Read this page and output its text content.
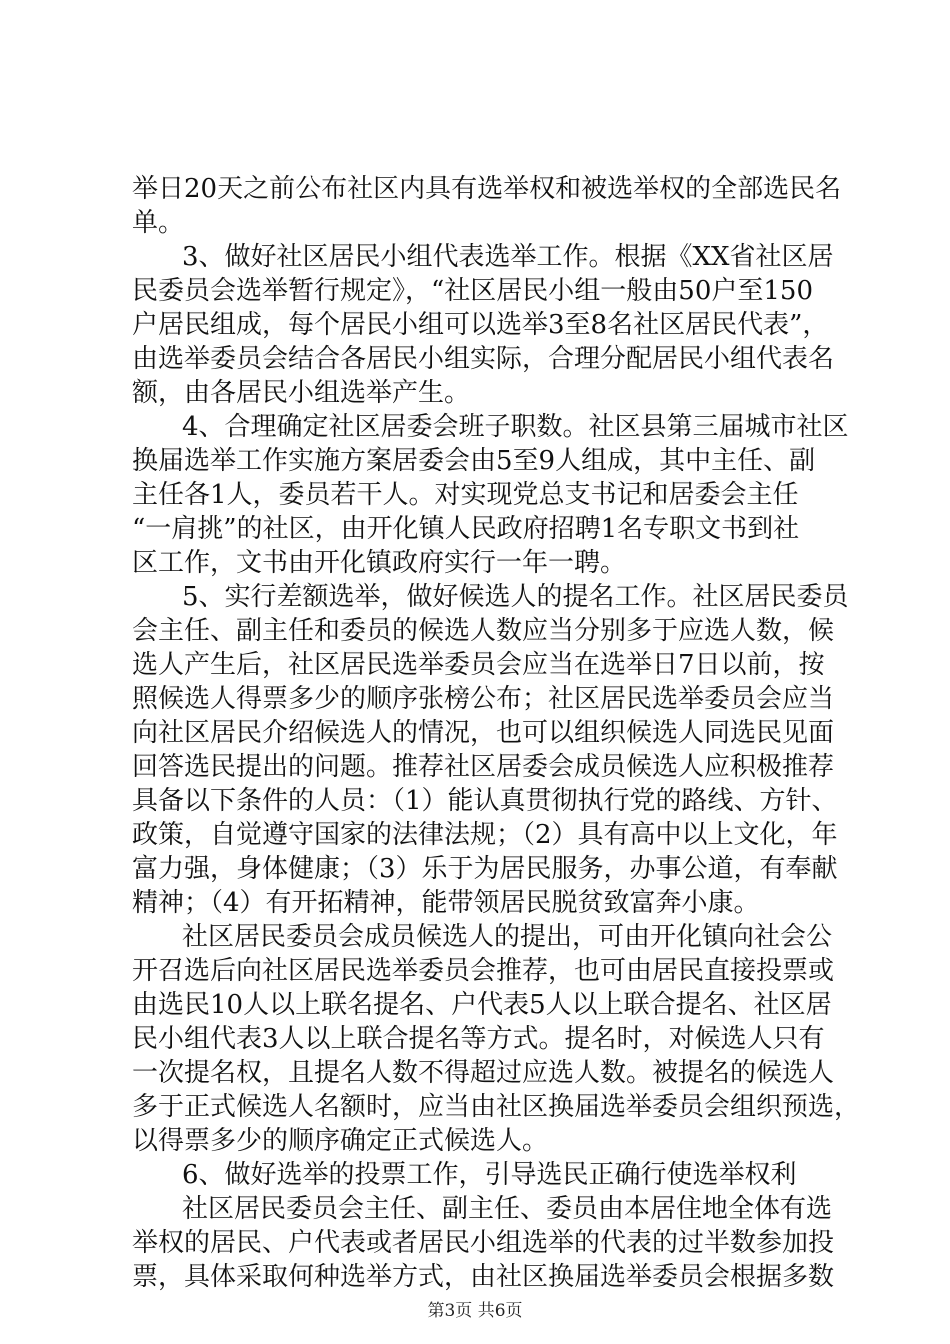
举日20天之前公布社区内具有选举权和被选举权的全部选民名
单。
3、做好社区居民小组代表选举工作。根据《XX省社区居
民委员会选举暂行规定》，“社区居民小组一般由50户至150
户居民组成，每个居民小组可以选举3至8名社区居民代表”，
由选举委员会结合各居民小组实际，合理分配居民小组代表名
额，由各居民小组选举产生。
4、合理确定社区居委会班子职数。社区县第三届城市社区
换届选举工作实施方案居委会由5至9人组成，其中主任、副
主任各1人，委员若干人。对实现党总支书记和居委会主任
“一肩挑”的社区，由开化镇人民政府招聘1名专职文书到社
区工作，文书由开化镇政府实行一年一聘。
5、实行差额选举，做好候选人的提名工作。社区居民委员
会主任、副主任和委员的候选人数应当分别多于应选人数，候
选人产生后，社区居民选举委员会应当在选举日7日以前，按
照候选人得票多少的顺序张榜公布；社区居民选举委员会应当
向社区居民介绍候选人的情况，也可以组织候选人同选民见面
回答选民提出的问题。推荐社区居委会成员候选人应积极推荐
具备以下条件的人员：（1）能认真贯彻执行党的路线、方针、
政策，自觉遵守国家的法律法规；（2）具有高中以上文化，年
富力强，身体健康；（3）乐于为居民服务，办事公道，有奉献
精神；（4）有开拓精神，能带领居民脱贫致富奔小康。
社区居民委员会成员候选人的提出，可由开化镇向社会公
开召选后向社区居民选举委员会推荐，也可由居民直接投票或
由选民10人以上联名提名、户代表5人以上联合提名、社区居
民小组代表3人以上联合提名等方式。提名时，对候选人只有
一次提名权，且提名人数不得超过应选人数。被提名的候选人
多于正式候选人名额时，应当由社区换届选举委员会组织预选，
以得票多少的顺序确定正式候选人。
6、做好选举的投票工作，引导选民正确行使选举权利
社区居民委员会主任、副主任、委员由本居住地全体有选
举权的居民、户代表或者居民小组选举的代表的过半数参加投
票，具体采取何种选举方式，由社区换届选举委员会根据多数
第3页 共6页
